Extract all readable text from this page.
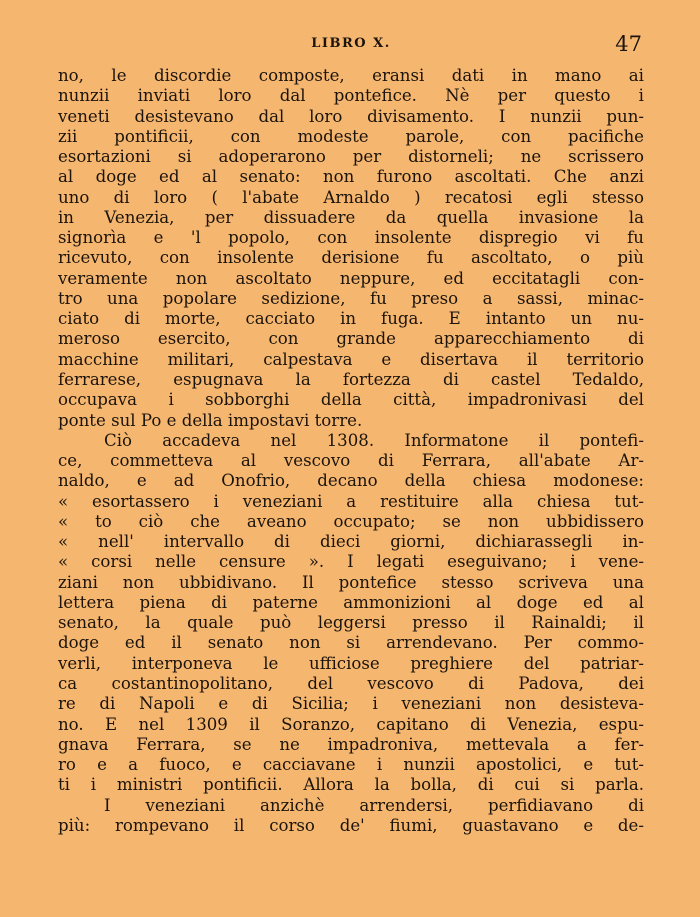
LIBRO X.	47
no, le discordie composte, eransi dati in mano ai
nunzii inviati loro dal pontefice. Nè per questo i
veneti desistevano dal loro divisamento. I nunzii pun-
zii pontificii, con modeste parole, con pacifiche
esortazioni si adoperarono per distorneli; ne scrissero
al doge ed al senato: non furono ascoltati. Che anzi
uno di loro ( l'abate Arnaldo ) recatosi egli stesso
in Venezia, per dissuadere da quella invasione la
signorìa e 'l popolo, con insolente dispregio vi fu
ricevuto, con insolente derisione fu ascoltato, o più
veramente non ascoltato neppure, ed eccitatagli con-
tro una popolare sedizione, fu preso a sassi, minac-
ciato di morte, cacciato in fuga. E intanto un nu-
meroso esercito, con grande apparecchiamento di
macchine militari, calpestava e disertava il territorio
ferrarese, espugnava la fortezza di castel Tedaldo,
occupava i sobborghi della città, impadronivasi del
ponte sul Po e della impostavi torre.
Ciò accadeva nel 1308. Informatone il pontefi-
ce, commetteva al vescovo di Ferrara, all'abate Ar-
naldo, e ad Onofrio, decano della chiesa modonese:
« esortassero i veneziani a restituire alla chiesa tut-
« to ciò che aveano occupato; se non ubbidissero
« nell' intervallo di dieci giorni, dichiarassegli in-
« corsi nelle censure ». I legati eseguivano; i vene-
ziani non ubbidivano. Il pontefice stesso scriveva una
lettera piena di paterne ammonizioni al doge ed al
senato, la quale può leggersi presso il Rainaldi; il
doge ed il senato non si arrendevano. Per commo-
verli, interponeva le ufficiose preghiere del patriar-
ca costantinopolitano, del vescovo di Padova, dei
re di Napoli e di Sicilia; i veneziani non desisteva-
no. E nel 1309 il Soranzo, capitano di Venezia, espu-
gnava Ferrara, se ne impadroniva, mettevala a fer-
ro e a fuoco, e cacciavane i nunzii apostolici, e tut-
ti i ministri pontificii. Allora la bolla, di cui si parla.
I veneziani anzichè arrendersi, perfidiavano di
più: rompevano il corso de' fiumi, guastavano e de-
